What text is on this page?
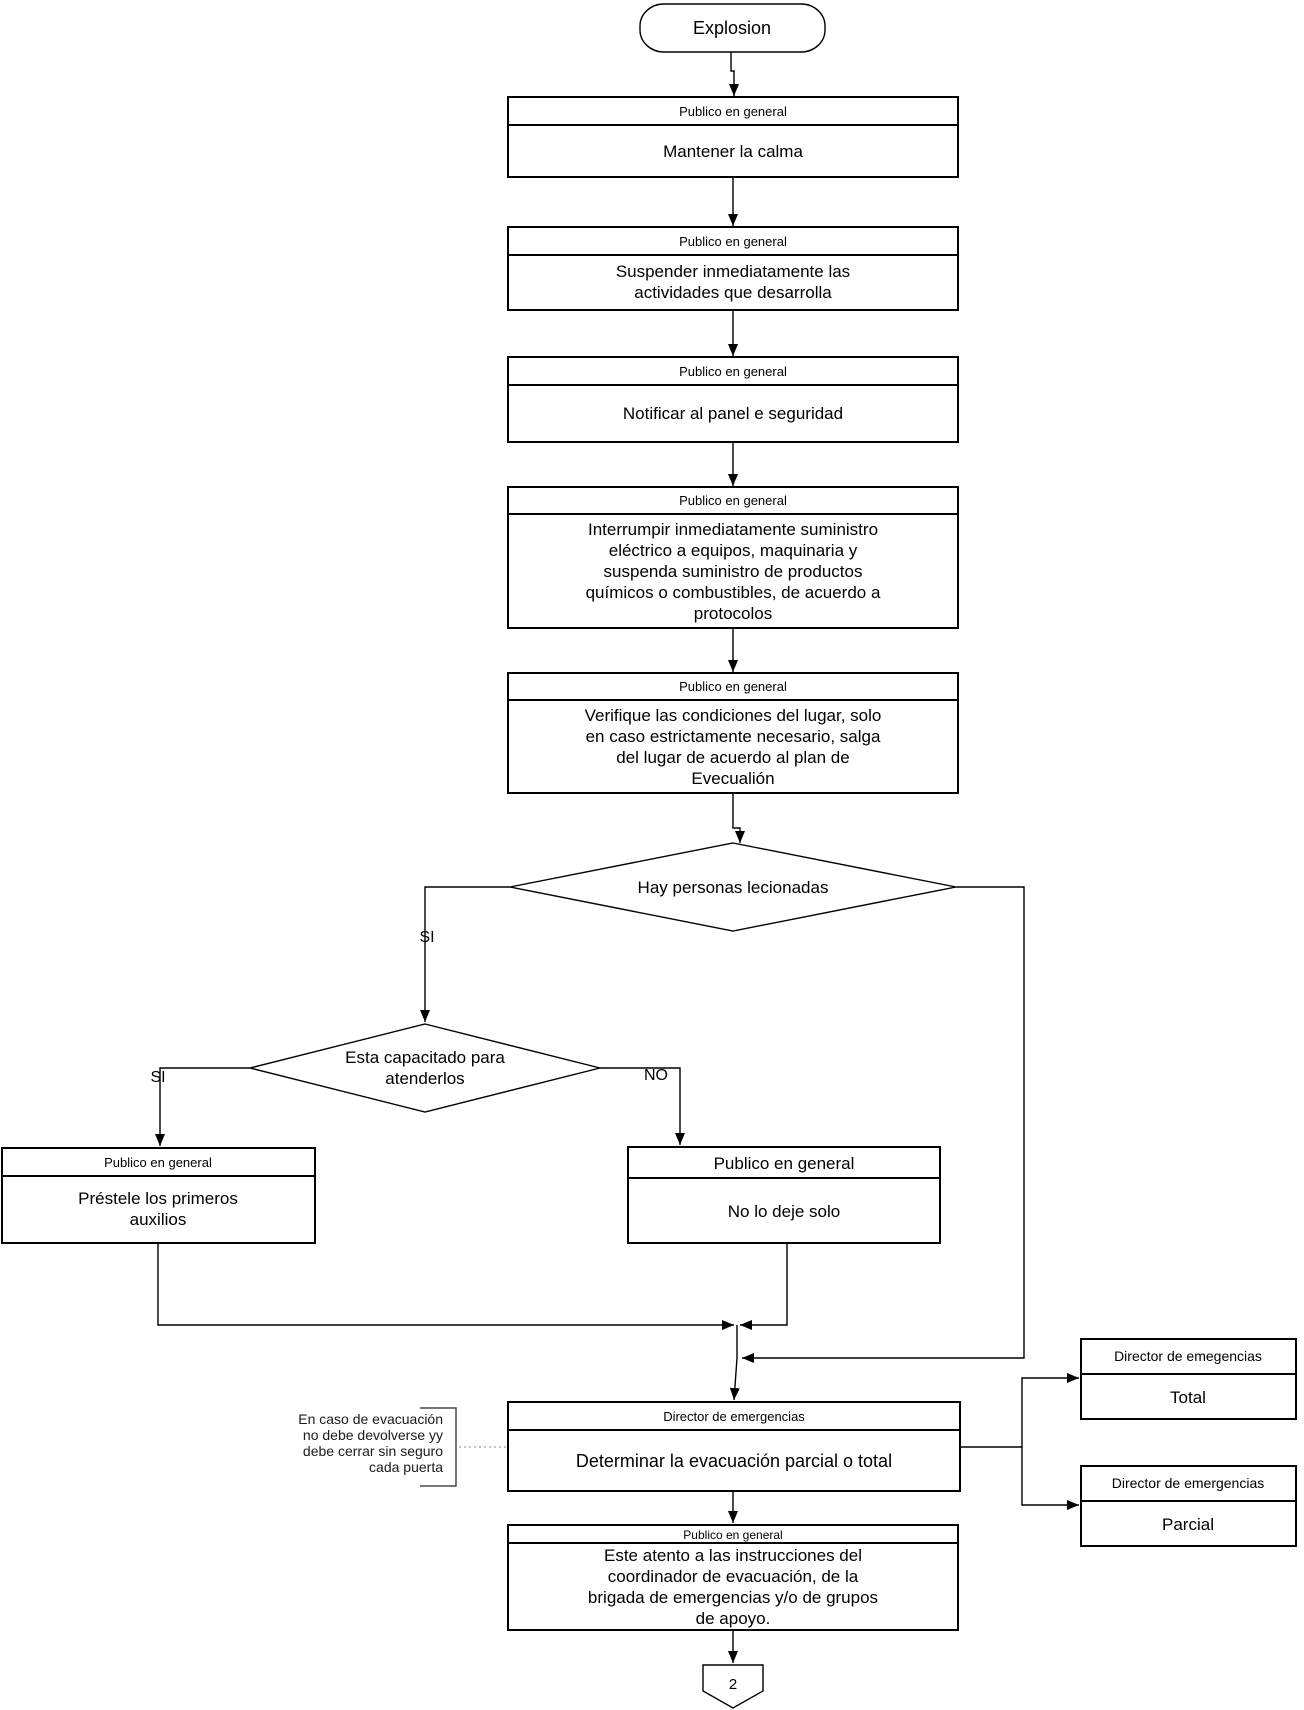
Explosion
Publico en general
Mantener la calma
Publico en general
Suspender inmediatamente las
actividades que desarrolla
Publico en general
Notificar al panel e seguridad
Publico en general
Interrumpir inmediatamente suministro
eléctrico a equipos, maquinaria y
suspenda suministro de productos
químicos o combustibles, de acuerdo a
protocolos
Publico en general
Verifique las condiciones del lugar, solo
en caso estrictamente necesario, salga
del lugar de acuerdo al plan de
Evecualión
Hay personas lecionadas
SI
Esta capacitado para
atenderlos
SI	NO
Publico en general
Préstele los primeros
auxilios
Publico en general
No lo deje solo
En caso de evacuación
no debe devolverse yy
debe cerrar sin seguro
cada puerta
Director de emergencias
Determinar la evacuación parcial o total
Director de emegencias
Total
Director de emergencias
Parcial
Publico en general
Este atento a las instrucciones del
coordinador de evacuación, de la
brigada de emergencias y/o de grupos
de apoyo.
2
